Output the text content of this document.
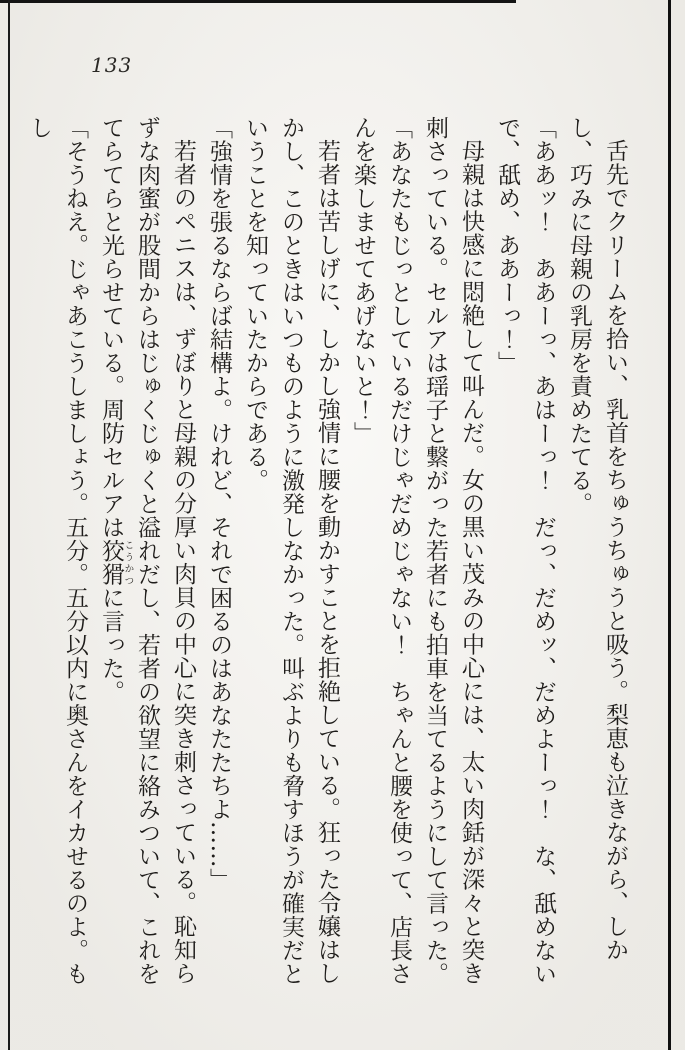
133

舌先でクリームを拾い、乳首をちゅうちゅうと吸う。梨恵も泣きながら、しかし、巧みに母親の乳房を責めたてる。

「ああッ！　ああーっ、あはーっ！　だっ、だめッ、だめよーっ！　な、舐めないで、舐め、ああーっ！」

母親は快感に悶絶して叫んだ。女の黒い茂みの中心には、太い肉銛が深々と突き刺さっている。セルアは瑶子と繋がった若者にも拍車を当てるようにして言った。

「あなたもじっとしているだけじゃだめじゃない！　ちゃんと腰を使って、店長さんを楽しませてあげないと！」

若者は苦しげに、しかし強情に腰を動かすことを拒絶している。狂った令嬢はしかし、このときはいつものように激発しなかった。叫ぶよりも脅すほうが確実だということを知っていたからである。

「強情を張るならば結構よ。けれど、それで困るのはあなたたちよ……」

若者のペニスは、ずぼりと母親の分厚い肉貝の中心に突き刺さっている。恥知らずな肉蜜が股間からはじゅくじゅくと溢れだし、若者の欲望に絡みついて、これをてらてらと光らせている。周防セルアは狡猾こうかつに言った。

「そうねえ。じゃあこうしましょう。五分。五分以内に奥さんをイカせるのよ。もし
